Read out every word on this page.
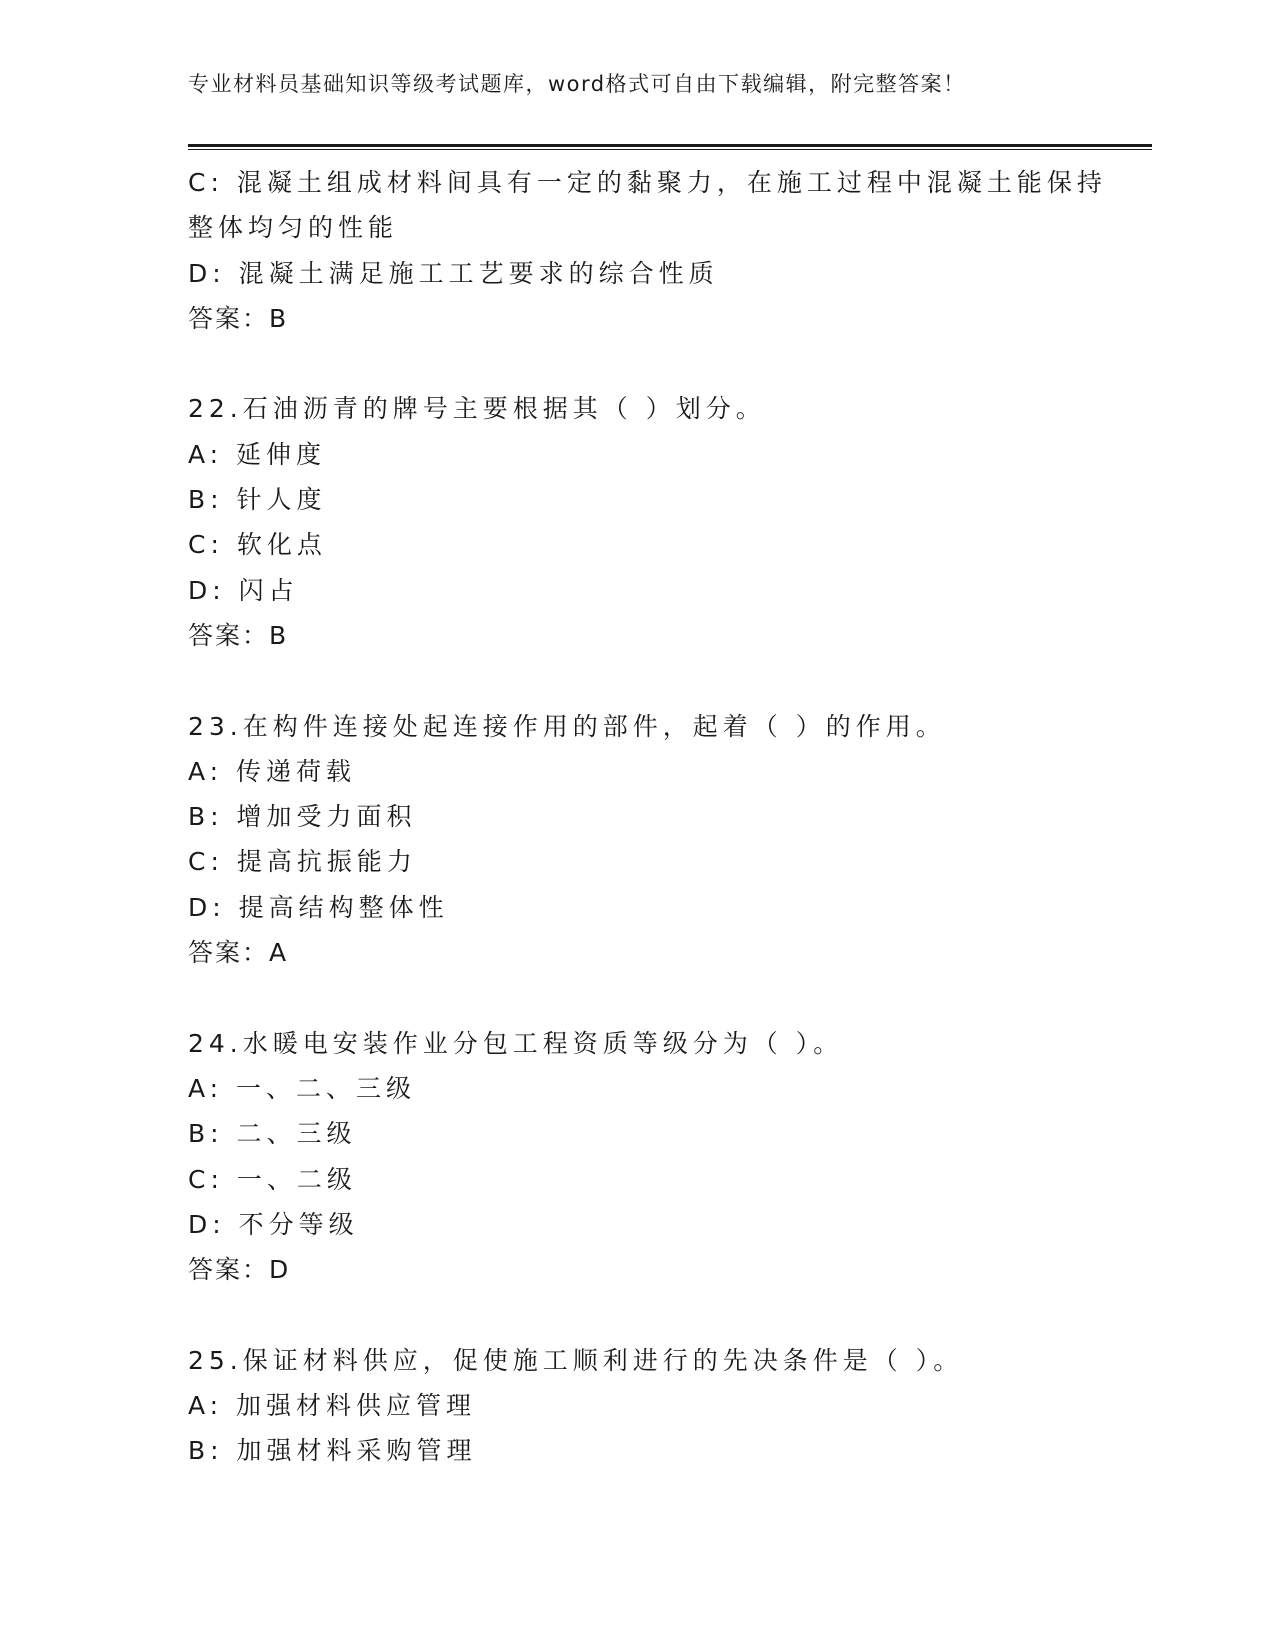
专业材料员基础知识等级考试题库，word格式可自由下载编辑，附完整答案！
C: 混凝土组成材料间具有一定的黏聚力，在施工过程中混凝土能保持
整体均匀的性能
D: 混凝土满足施工工艺要求的综合性质
答案：B
22.石油沥青的牌号主要根据其（ ）划分。
A: 延伸度
B: 针人度
C: 软化点
D: 闪占
答案：B
23.在构件连接处起连接作用的部件，起着（ ）的作用。
A: 传递荷载
B: 增加受力面积
C: 提高抗振能力
D: 提高结构整体性
答案：A
24.水暖电安装作业分包工程资质等级分为（ ）。
A: 一、二、三级
B: 二、三级
C: 一、二级
D: 不分等级
答案：D
25.保证材料供应，促使施工顺利进行的先决条件是（ ）。
A: 加强材料供应管理
B: 加强材料采购管理
